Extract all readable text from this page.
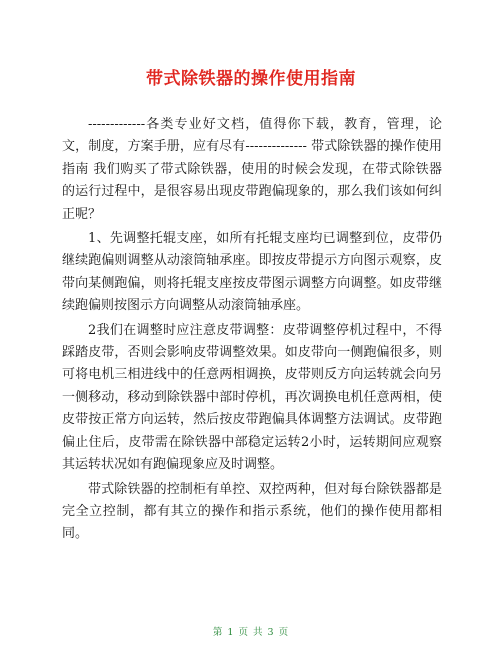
带式除铁器的操作使用指南

-------------各类专业好文档，值得你下载，教育，管理，论文，制度，方案手册，应有尽有-------------- 带式除铁器的操作使用指南 我们购买了带式除铁器，使用的时候会发现，在带式除铁器的运行过程中，是很容易出现皮带跑偏现象的，那么我们该如何纠正呢？

1、先调整托辊支座，如所有托辊支座均已调整到位，皮带仍继续跑偏则调整从动滚筒轴承座。即按皮带提示方向图示观察，皮带向某侧跑偏，则将托辊支座按皮带图示调整方向调整。如皮带继续跑偏则按图示方向调整从动滚筒轴承座。

2我们在调整时应注意皮带调整：皮带调整停机过程中，不得踩踏皮带，否则会影响皮带调整效果。如皮带向一侧跑偏很多，则可将电机三相进线中的任意两相调换，皮带则反方向运转就会向另一侧移动，移动到除铁器中部时停机，再次调换电机任意两相，使皮带按正常方向运转，然后按皮带跑偏具体调整方法调试。皮带跑偏止住后，皮带需在除铁器中部稳定运转2小时，运转期间应观察其运转状况如有跑偏现象应及时调整。

带式除铁器的控制柜有单控、双控两种，但对每台除铁器都是完全立控制，都有其立的操作和指示系统，他们的操作使用都相同。

第 1 页 共 3 页
